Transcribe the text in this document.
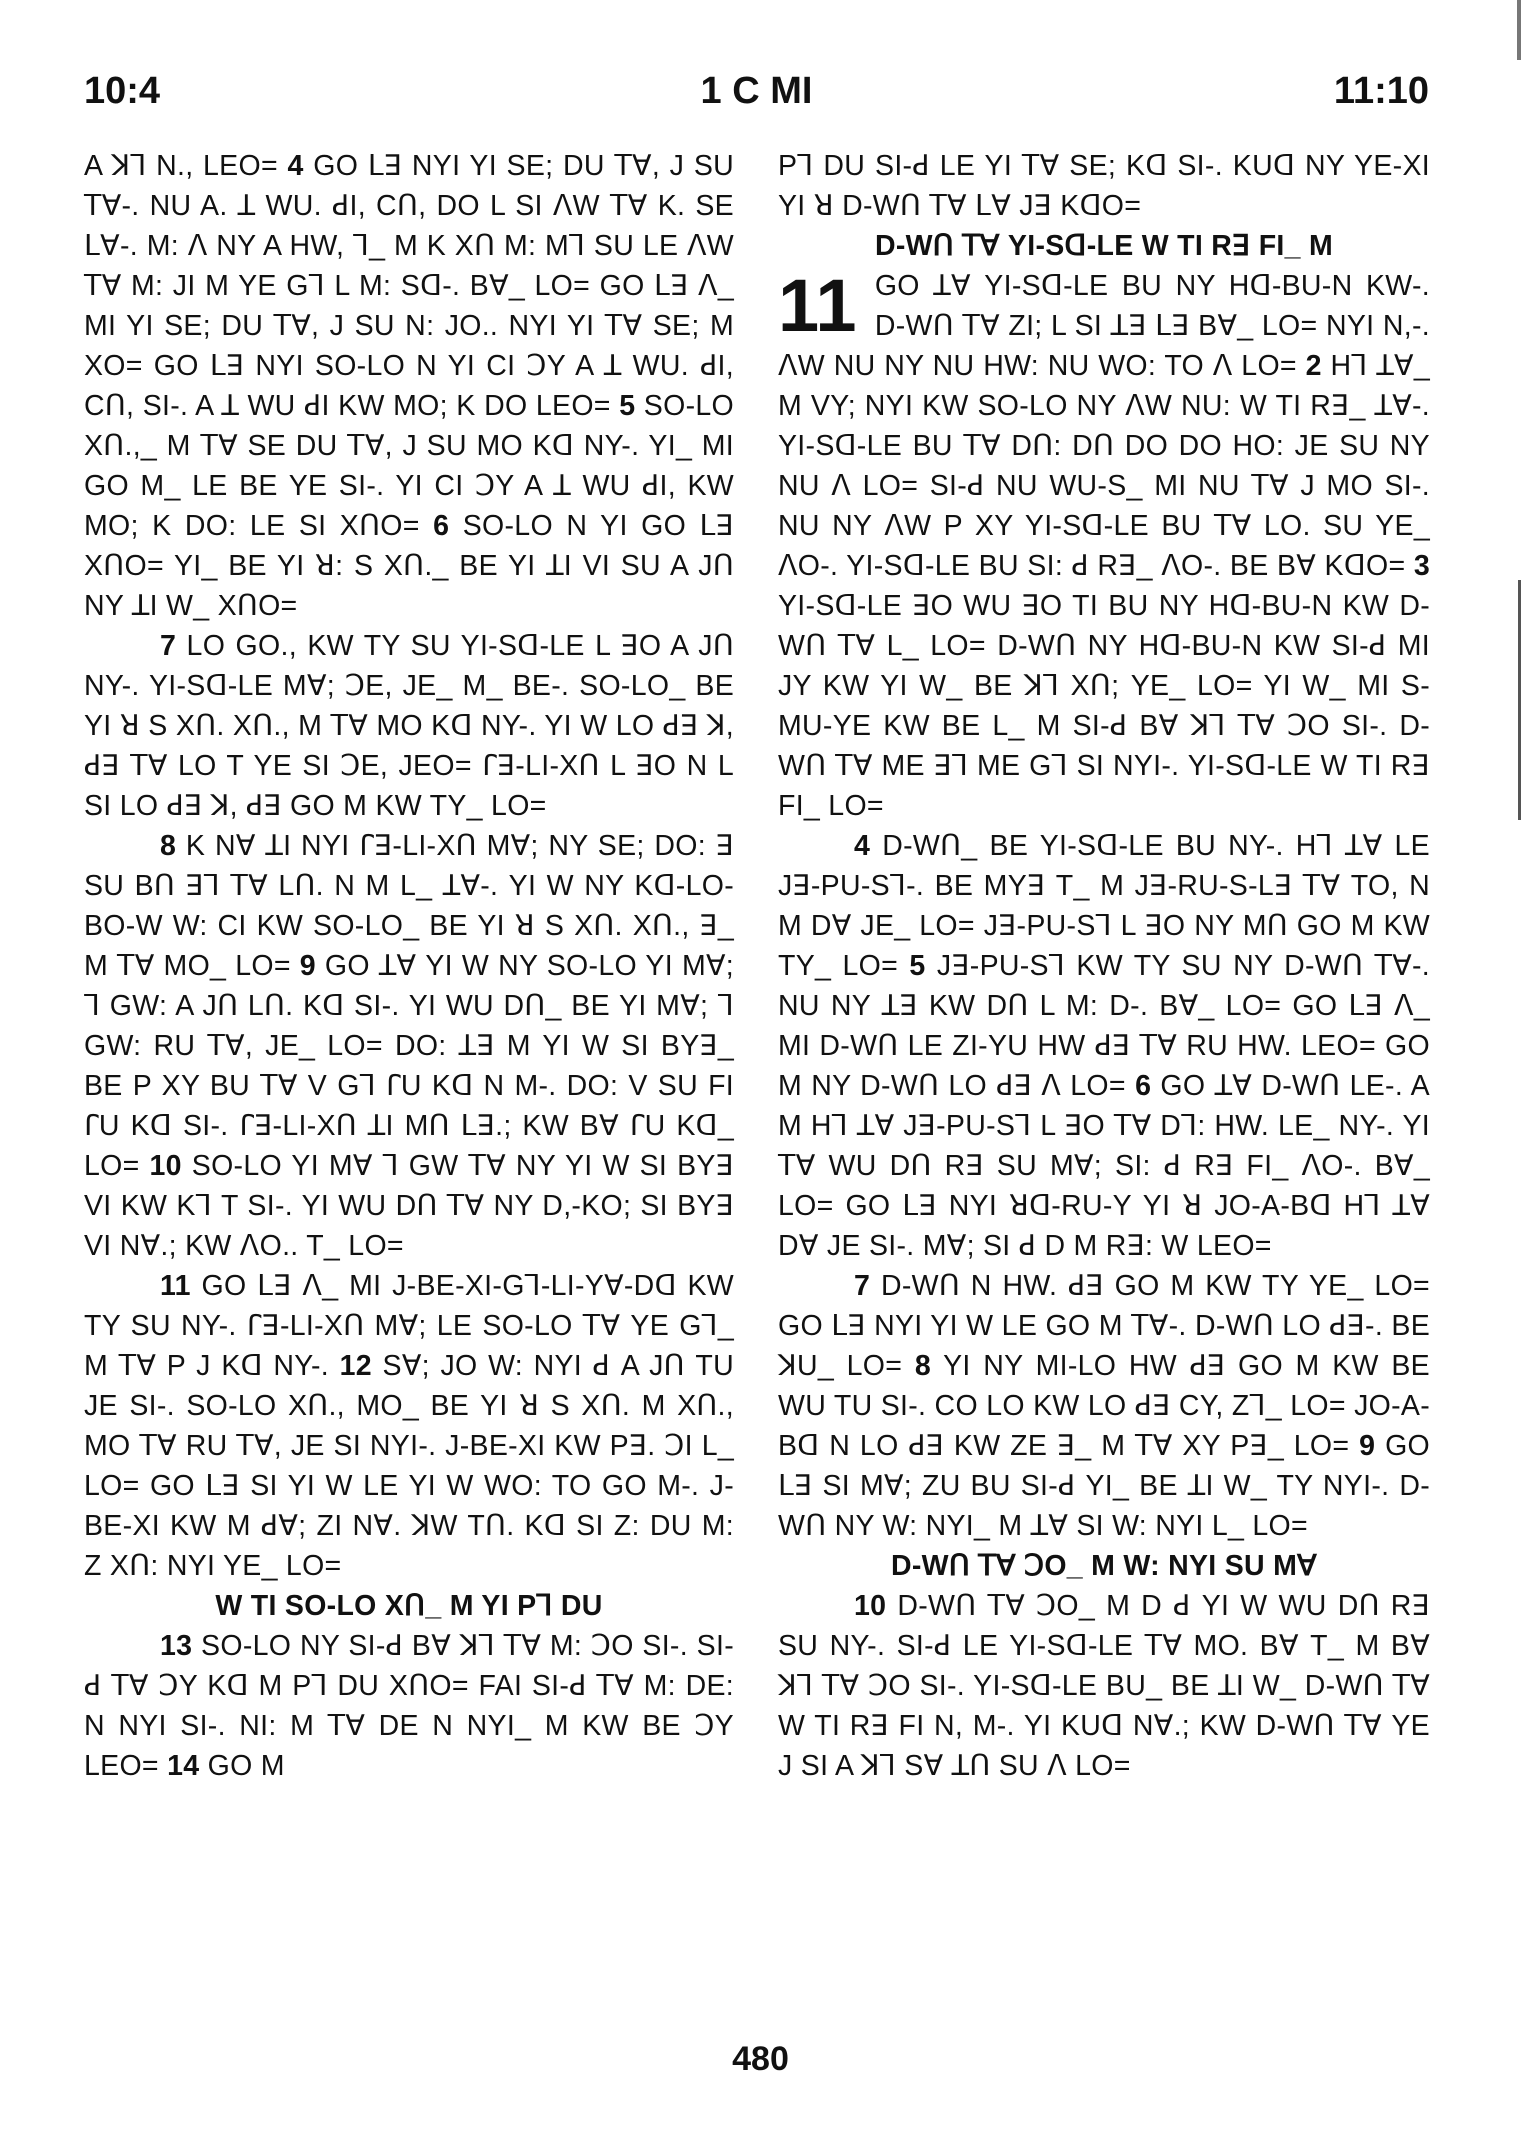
10:4	1 C MI	11:10

A ꓘꓶ N., LEO= 4 GO ꓡꓱ NYI YI SE; DU ꓔꓯ, J SU ꓔꓯ-. NU A. ꓕ WU. ꓒI, Cꓵ, DO L SI ꓥW ꓔꓯ K. SE ꓡꓯ-. M: ꓥ NY A HW, ꓶ_ M K Xꓵ M: Mꓶ SU LE ꓥW ꓔꓯ M: JI M YE Gꓶ L M: Sꓷ-. Bꓯ_ LO= GO ꓡꓱ ꓥ_ MI YI SE; DU ꓔꓯ, J SU N: JO.. NYI YI ꓔꓯ SE; M XO= GO ꓡꓱ NYI SO-LO N YI CI ꓛY A ꓕ WU. ꓒI, Cꓵ, SI-. A ꓕ WU ꓒI KW MO; K DO LEO= 5 SO-LO Xꓵ.,_ M ꓔꓯ SE DU ꓔꓯ, J SU MO Kꓷ NY-. YI_ MI GO M_ LE BE YE SI-. YI CI ꓛY A ꓕ WU ꓒI, KW MO; K DO: LE SI XꓵO= 6 SO-LO N YI GO ꓡꓱ XꓵO= YI_ BE YI ꓤ: S Xꓵ._ BE YI ꓕI VI SU A Jꓵ NY ꓕI W_ XꓵO=

7 LO GO., KW TY SU YI-Sꓷ-LE L ꓱO A Jꓵ NY-. YI-Sꓷ-LE Mꓯ; ꓛE, JE_ M_ BE-. SO-LO_ BE YI ꓤ S Xꓵ. Xꓵ., M ꓔꓯ MO Kꓷ NY-. YI W LO ꓒꓱ ꓘ, ꓒꓱ ꓔꓯ LO T YE SI ꓛE, JEO= ꓩꓱ-LI-Xꓵ L ꓱO N L SI LO ꓒꓱ ꓘ, ꓒꓱ GO M KW TY_ LO=

8 K Nꓯ ꓕI NYI ꓩꓱ-LI-Xꓵ Mꓯ; NY SE; DO: ꓱ SU Bꓵ ꓱꓶ ꓔꓯ Lꓵ. N M L_ ꓕꓯ-. YI W NY Kꓷ-LO-BO-W W: CI KW SO-LO_ BE YI ꓤ S Xꓵ. Xꓵ., ꓱ_ M ꓔꓯ MO_ LO= 9 GO ꓕꓯ YI W NY SO-LO YI Mꓯ; ꓶ GW: A Jꓵ Lꓵ. Kꓷ SI-. YI WU Dꓵ_ BE YI Mꓯ; ꓶ GW: RU ꓔꓯ, JE_ LO= DO: ꓕꓱ M YI W SI BYꓱ_ BE P XY BU ꓔꓯ V Gꓶ ꓩU Kꓷ N M-. DO: V SU FI ꓩU Kꓷ SI-. ꓩꓱ-LI-Xꓵ ꓕI Mꓵ ꓡꓱ.; KW Bꓯ ꓩU Kꓷ_ LO= 10 SO-LO YI Mꓯ ꓶ GW ꓔꓯ NY YI W SI BYꓱ VI KW Kꓶ T SI-. YI WU Dꓵ ꓔꓯ NY D,-KO; SI BYꓱ VI Nꓯ.; KW ꓥO.. T_ LO=

11 GO ꓡꓱ ꓥ_ MI J-BE-XI-Gꓶ-LI-Yꓯ-Dꓷ KW TY SU NY-. ꓩꓱ-LI-Xꓵ Mꓯ; LE SO-LO ꓔꓯ YE Gꓶ_ M ꓔꓯ P J Kꓷ NY-. 12 Sꓯ; JO W: NYI ꓒ A Jꓵ TU JE SI-. SO-LO Xꓵ., MO_ BE YI ꓤ S Xꓵ. M Xꓵ., MO ꓔꓯ RU ꓔꓯ, JE SI NYI-. J-BE-XI KW Pꓱ. ꓛI L_ LO= GO ꓡꓱ SI YI W LE YI W WO: TO GO M-. J-BE-XI KW M ꓒꓯ; ZI Nꓯ. ꓘW Tꓵ. Kꓷ SI Z: DU M: Z Xꓵ: NYI YE_ LO=

W TI SO-LO Xꓵ_ M YI Pꓶ DU

13 SO-LO NY SI-ꓒ Bꓯ ꓘꓶ ꓔꓯ M: ꓛO SI-. SI-ꓒ ꓔꓯ ꓛY Kꓷ M Pꓶ DU XꓵO= FAI SI-ꓒ ꓔꓯ M: DE: N NYI SI-. NI: M ꓔꓯ DE N NYI_ M KW BE ꓛY LEO= 14 GO M

Pꓶ DU SI-ꓒ LE YI ꓔꓯ SE; Kꓷ SI-. KUꓷ NY YE-XI YI ꓤ D-Wꓵ ꓔꓯ ꓡꓯ Jꓱ KꓷO=

D-Wꓵ ꓔꓯ YI-Sꓷ-LE W TI Rꓱ FI_ M

11 GO ꓕꓯ YI-Sꓷ-LE BU NY Hꓷ-BU-N KW-. D-Wꓵ ꓔꓯ ZI; L SI ꓕꓱ ꓡꓱ Bꓯ_ LO= NYI N,-. ꓥW NU NY NU HW: NU WO: TO ꓥ LO= 2 Hꓶ ꓕꓯ_ M VY; NYI KW SO-LO NY ꓥW NU: W TI Rꓱ_ ꓕꓯ-. YI-Sꓷ-LE BU ꓔꓯ Dꓵ: Dꓵ DO DO HO: JE SU NY NU ꓥ LO= SI-ꓒ NU WU-S_ MI NU ꓔꓯ J MO SI-. NU NY ꓥW P XY YI-Sꓷ-LE BU ꓔꓯ LO. SU YE_ ꓥO-. YI-Sꓷ-LE BU SI: ꓒ Rꓱ_ ꓥO-. BE Bꓯ KꓷO= 3 YI-Sꓷ-LE ꓱO WU ꓱO TI BU NY Hꓷ-BU-N KW D-Wꓵ ꓔꓯ L_ LO= D-Wꓵ NY Hꓷ-BU-N KW SI-ꓒ MI JY KW YI W_ BE ꓘꓶ Xꓵ; YE_ LO= YI W_ MI S-MU-YE KW BE L_ M SI-ꓒ Bꓯ ꓘꓶ ꓔꓯ ꓛO SI-. D-Wꓵ ꓔꓯ ME ꓱꓶ ME Gꓶ SI NYI-. YI-Sꓷ-LE W TI Rꓱ FI_ LO=

4 D-Wꓵ_ BE YI-Sꓷ-LE BU NY-. Hꓶ ꓕꓯ LE Jꓱ-PU-Sꓶ-. BE MYꓱ T_ M Jꓱ-RU-S-Lꓱ ꓔꓯ TO, N M Dꓯ JE_ LO= Jꓱ-PU-Sꓶ L ꓱO NY Mꓵ GO M KW TY_ LO= 5 Jꓱ-PU-Sꓶ KW TY SU NY D-Wꓵ ꓔꓯ-. NU NY ꓕꓱ KW Dꓵ L M: D-. Bꓯ_ LO= GO ꓡꓱ ꓥ_ MI D-Wꓵ LE ZI-YU HW ꓒꓱ ꓔꓯ RU HW. LEO= GO M NY D-Wꓵ LO ꓒꓱ ꓥ LO= 6 GO ꓕꓯ D-Wꓵ LE-. A M Hꓶ ꓕꓯ Jꓱ-PU-Sꓶ L ꓱO ꓔꓯ Dꓶ: HW. LE_ NY-. YI ꓔꓯ WU Dꓵ Rꓱ SU Mꓯ; SI: ꓒ Rꓱ FI_ ꓥO-. Bꓯ_ LO= GO ꓡꓱ NYI ꓤꓷ-RU-Y YI ꓤ JO-A-Bꓷ Hꓶ ꓕꓯ Dꓯ JE SI-. Mꓯ; SI ꓒ D M Rꓱ: W LEO=

7 D-Wꓵ N HW. ꓒꓱ GO M KW TY YE_ LO= GO ꓡꓱ NYI YI W LE GO M ꓔꓯ-. D-Wꓵ LO ꓒꓱ-. BE ꓘU_ LO= 8 YI NY MI-LO HW ꓒꓱ GO M KW BE WU TU SI-. CO LO KW LO ꓒꓱ CY, Zꓶ_ LO= JO-A-Bꓷ N LO ꓒꓱ KW ZE ꓱ_ M ꓔꓯ XY Pꓱ_ LO= 9 GO ꓡꓱ SI Mꓯ; ZU BU SI-ꓒ YI_ BE ꓕI W_ TY NYI-. D-Wꓵ NY W: NYI_ M ꓕꓯ SI W: NYI L_ LO=

D-Wꓵ ꓔꓯ ꓛO_ M W: NYI SU Mꓯ

10 D-Wꓵ ꓔꓯ ꓛO_ M D ꓒ YI W WU Dꓵ Rꓱ SU NY-. SI-ꓒ LE YI-Sꓷ-LE ꓔꓯ MO. Bꓯ T_ M Bꓯ ꓘꓶ ꓔꓯ ꓛO SI-. YI-Sꓷ-LE BU_ BE ꓕI W_ D-Wꓵ ꓔꓯ W TI Rꓱ FI N, M-. YI KUꓷ Nꓯ.; KW D-Wꓵ ꓔꓯ YE J SI A ꓘꓶ Sꓯ ꓕꓵ SU ꓥ LO=

480
